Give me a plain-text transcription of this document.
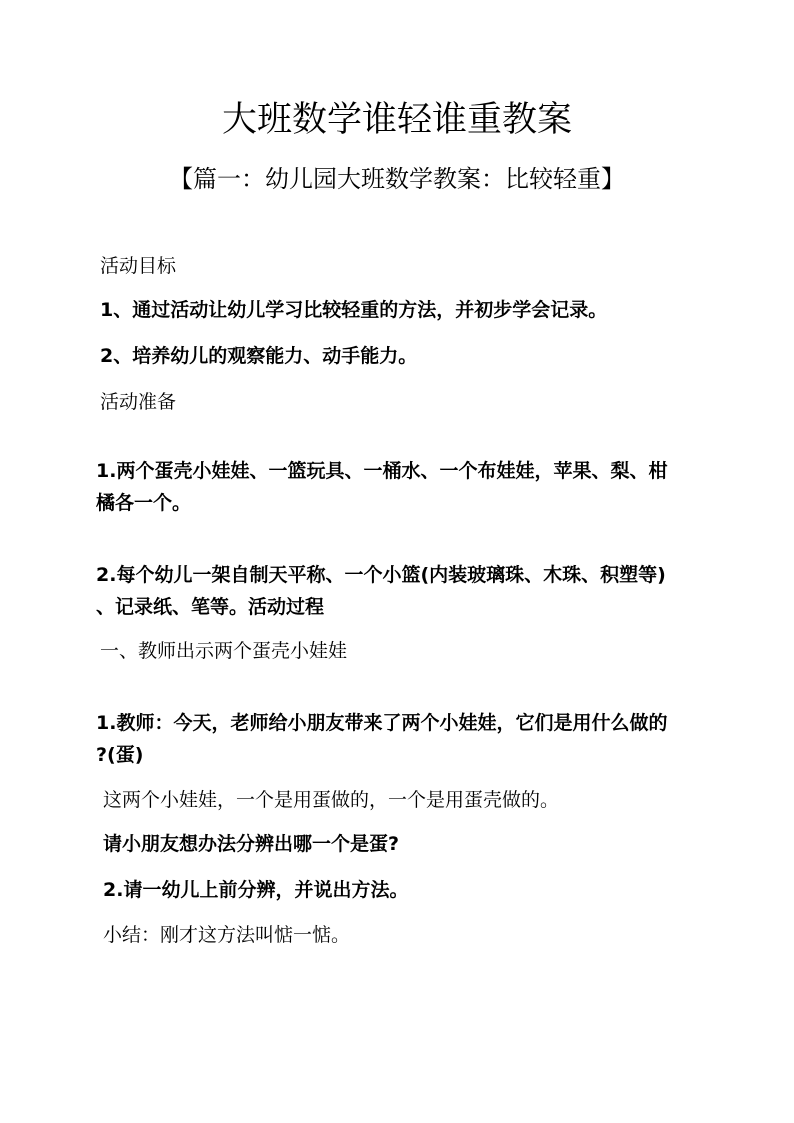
大班数学谁轻谁重教案
【篇一：幼儿园大班数学教案：比较轻重】
活动目标
1、通过活动让幼儿学习比较轻重的方法，并初步学会记录。
2、培养幼儿的观察能力、动手能力。
活动准备
1.两个蛋壳小娃娃、一篮玩具、一桶水、一个布娃娃，苹果、梨、柑
橘各一个。
2.每个幼儿一架自制天平称、一个小篮(内装玻璃珠、木珠、积塑等)
、记录纸、笔等。活动过程
一、教师出示两个蛋壳小娃娃
1.教师：今天，老师给小朋友带来了两个小娃娃，它们是用什么做的
?(蛋)
这两个小娃娃，一个是用蛋做的，一个是用蛋壳做的。
请小朋友想办法分辨出哪一个是蛋?
2.请一幼儿上前分辨，并说出方法。
小结：刚才这方法叫惦一惦。
